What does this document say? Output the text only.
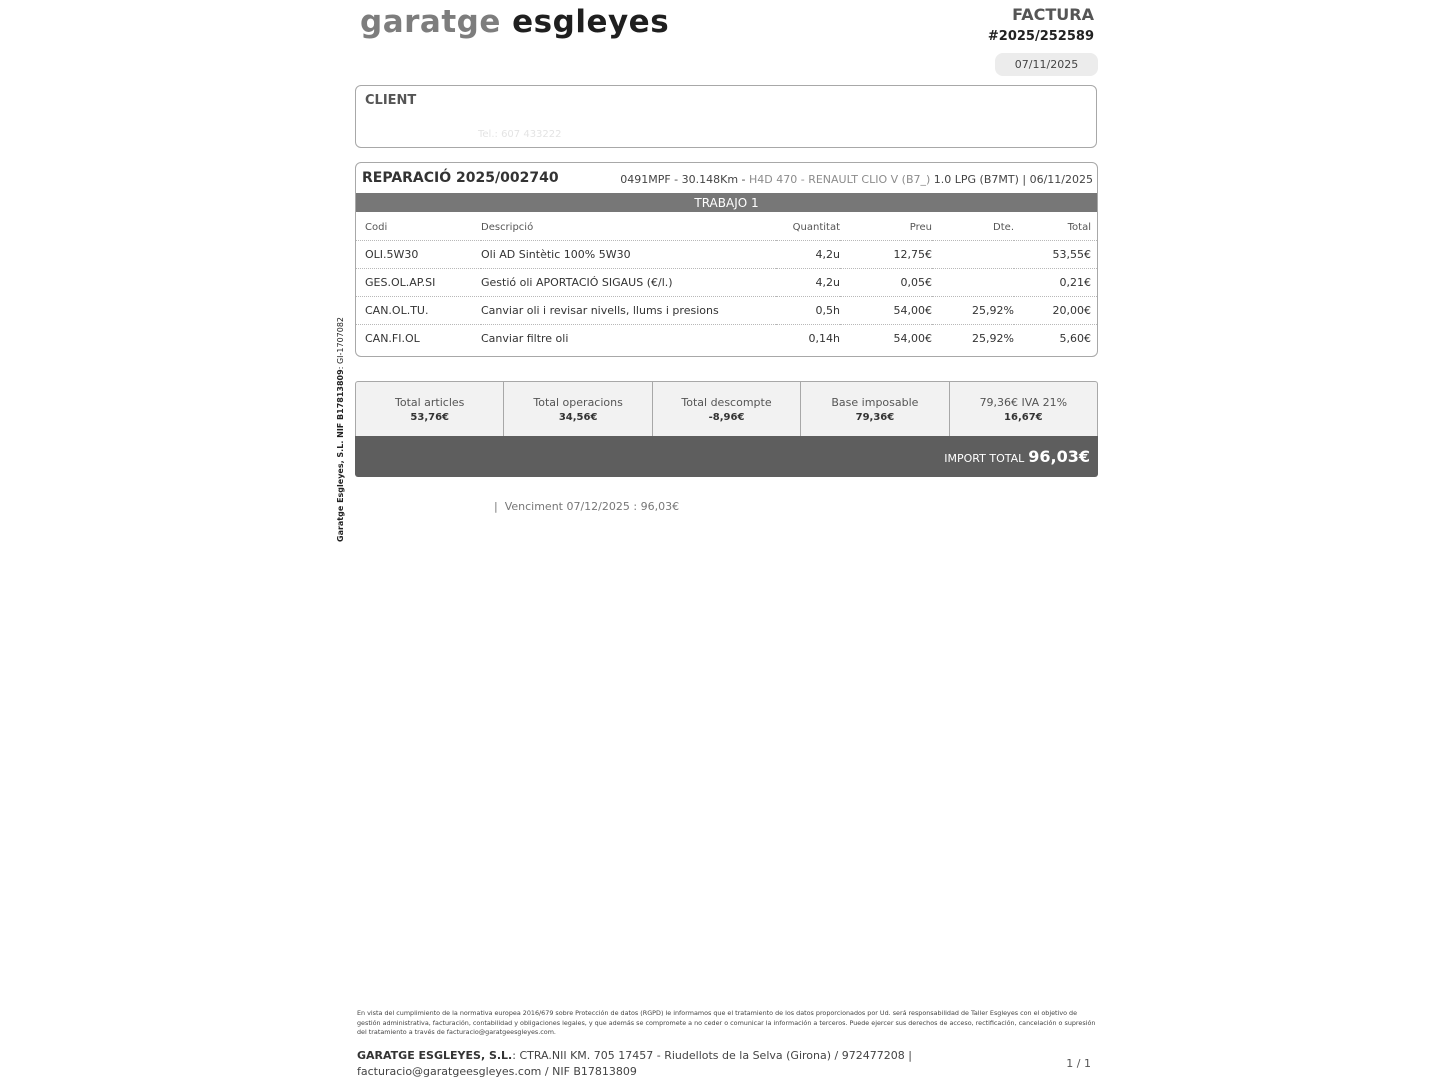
garatge esgleyes	FACTURA
#2025/252589
07/11/2025
Garatge Esgleyes, S.L. NIF B17813809: GI-1707082
CLIENT
Tel.: 607 433222
REPARACIÓ 2025/002740	0491MPF - 30.148Km - H4D 470 - RENAULT CLIO V (B7_) 1.0 LPG (B7MT) | 06/11/2025
TRABAJO 1
Codi	Descripció	Quantitat	Preu	Dte.	Total
OLI.5W30	Oli AD Sintètic 100% 5W30	4,2u	12,75€		53,55€
GES.OL.AP.SI	Gestió oli APORTACIÓ SIGAUS (€/l.)	4,2u	0,05€		0,21€
CAN.OL.TU.	Canviar oli i revisar nivells, llums i presions	0,5h	54,00€	25,92%	20,00€
CAN.FI.OL	Canviar filtre oli	0,14h	54,00€	25,92%	5,60€
Total articles
53,76€
Total operacions
34,56€
Total descompte
-8,96€
Base imposable
79,36€
79,36€ IVA 21%
16,67€
IMPORT TOTAL 96,03€
|  Venciment 07/12/2025 : 96,03€
En vista del cumplimiento de la normativa europea 2016/679 sobre Protección de datos (RGPD) le informamos que el tratamiento de los datos proporcionados por Ud. será responsabilidad de Taller Esgleyes con el objetivo de gestión administrativa, facturación, contabilidad y obligaciones legales, y que además se compromete a no ceder o comunicar la información a terceros. Puede ejercer sus derechos de acceso, rectificación, cancelación o supresión del tratamiento a través de facturacio@garatgeesgleyes.com.
GARATGE ESGLEYES, S.L.: CTRA.NII KM. 705 17457 - Riudellots de la Selva (Girona) / 972477208 | facturacio@garatgeesgleyes.com / NIF B17813809
1 / 1
